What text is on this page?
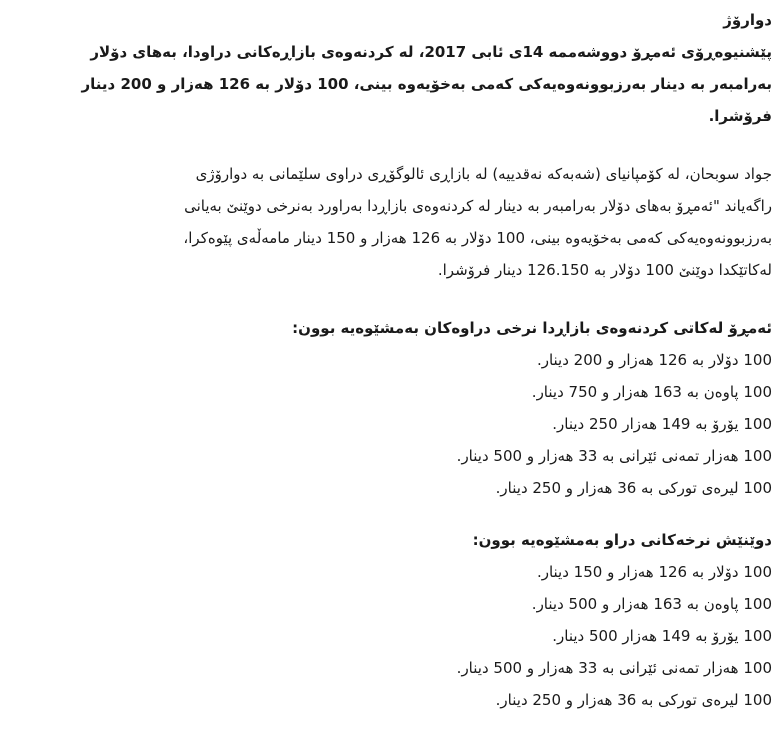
دوارۆژ
پێشنیوەڕۆی ئەمڕۆ دووشەممە 14ی ئابی 2017، لە کردنەوەی بازاڕەکانی دراودا، بەهای دۆلار
بەرامبەر بە دینار بەرزبوونەوەیەکی کەمی بەخۆیەوە بینی، 100 دۆلار بە 126 هەزار و 200 دینار
فرۆشرا.
جواد سوبحان، لە کۆمپانیای (شەبەکە نەقدییە) لە بازاڕی ئالوگۆڕی دراوی سلێمانی بە دوارۆژی
راگەیاند "ئەمڕۆ بەهای دۆلار بەرامبەر بە دینار لە کردنەوەی بازاڕدا بەراورد بەنرخی دوێنێ بەیانی
بەرزبوونەوەیەکی کەمی بەخۆیەوە بینی، 100 دۆلار بە 126 هەزار و 150 دینار مامەڵەی پێوەکرا،
لەکاتێکدا دوێنێ 100 دۆلار بە 126.150 دینار فرۆشرا.
ئەمڕۆ لەکاتی کردنەوەی بازاڕدا نرخی دراوەکان بەمشێوەیە بوون:
100 دۆلار بە 126 هەزار و 200 دینار.
100 پاوەن بە 163 هەزار و 750 دینار.
100 یۆرۆ بە 149 هەزار 250 دینار.
100 هەزار تمەنی ئێرانی بە 33 هەزار و 500 دینار.
100 لیرەی تورکی بە 36 هەزار و 250 دینار.
دوێنێش نرخەکانی دراو بەمشێوەیە بوون:
100 دۆلار بە 126 هەزار و 150 دینار.
100 پاوەن بە 163 هەزار و 500 دینار.
100 یۆرۆ بە 149 هەزار 500 دینار.
100 هەزار تمەنی ئێرانی بە 33 هەزار و 500 دینار.
100 لیرەی تورکی بە 36 هەزار و 250 دینار.
